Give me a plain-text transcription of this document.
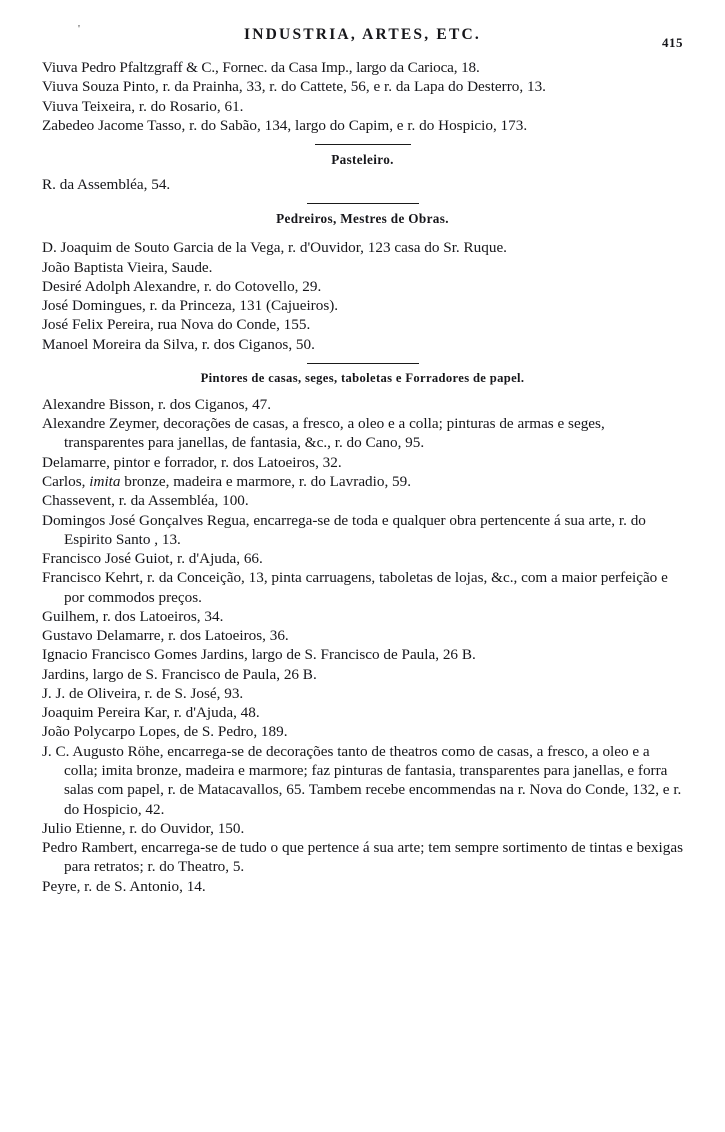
'	INDUSTRIA, ARTES, ETC.	415

Viuva Pedro Pfaltzgraff & C., Fornec. da Casa Imp., largo da Carioca, 18.

Viuva Souza Pinto, r. da Prainha, 33, r. do Cattete, 56, e r. da Lapa do Desterro, 13.

Viuva Teixeira, r. do Rosario, 61.

Zabedeo Jacome Tasso, r. do Sabão, 134, largo do Capim, e r. do Hospicio, 173.

Pasteleiro.

R. da Assembléa, 54.

Pedreiros, Mestres de Obras.

D. Joaquim de Souto Garcia de la Vega, r. d'Ouvidor, 123 casa do Sr. Ruque.

João Baptista Vieira, Saude.

Desiré Adolph Alexandre, r. do Cotovello, 29.

José Domingues, r. da Princeza, 131 (Cajueiros).

José Felix Pereira, rua Nova do Conde, 155.

Manoel Moreira da Silva, r. dos Ciganos, 50.

Pintores de casas, seges, taboletas e Forradores de papel.

Alexandre Bisson, r. dos Ciganos, 47.

Alexandre Zeymer, decorações de casas, a fresco, a oleo e a colla; pinturas de armas e seges, transparentes para janellas, de fantasia, &c., r. do Cano, 95.

Delamarre, pintor e forrador, r. dos Latoeiros, 32.

Carlos, imita bronze, madeira e marmore, r. do Lavradio, 59.

Chassevent, r. da Assembléa, 100.

Domingos José Gonçalves Regua, encarrega-se de toda e qualquer obra pertencente á sua arte, r. do Espirito Santo , 13.

Francisco José Guiot, r. d'Ajuda, 66.

Francisco Kehrt, r. da Conceição, 13, pinta carruagens, taboletas de lojas, &c., com a maior perfeição e por commodos preços.

Guilhem, r. dos Latoeiros, 34.

Gustavo Delamarre, r. dos Latoeiros, 36.

Ignacio Francisco Gomes Jardins, largo de S. Francisco de Paula, 26 B.

Jardins, largo de S. Francisco de Paula, 26 B.

J. J. de Oliveira, r. de S. José, 93.

Joaquim Pereira Kar, r. d'Ajuda, 48.

João Polycarpo Lopes, de S. Pedro, 189.

J. C. Augusto Röhe, encarrega-se de decorações tanto de theatros como de casas, a fresco, a oleo e a colla; imita bronze, madeira e marmore; faz pinturas de fantasia, transparentes para janellas, e forra salas com papel, r. de Matacavallos, 65. Tambem recebe encommendas na r. Nova do Conde, 132, e r. do Hospicio, 42.

Julio Etienne, r. do Ouvidor, 150.

Pedro Rambert, encarrega-se de tudo o que pertence á sua arte; tem sempre sortimento de tintas e bexigas para retratos; r. do Theatro, 5.

Peyre, r. de S. Antonio, 14.
